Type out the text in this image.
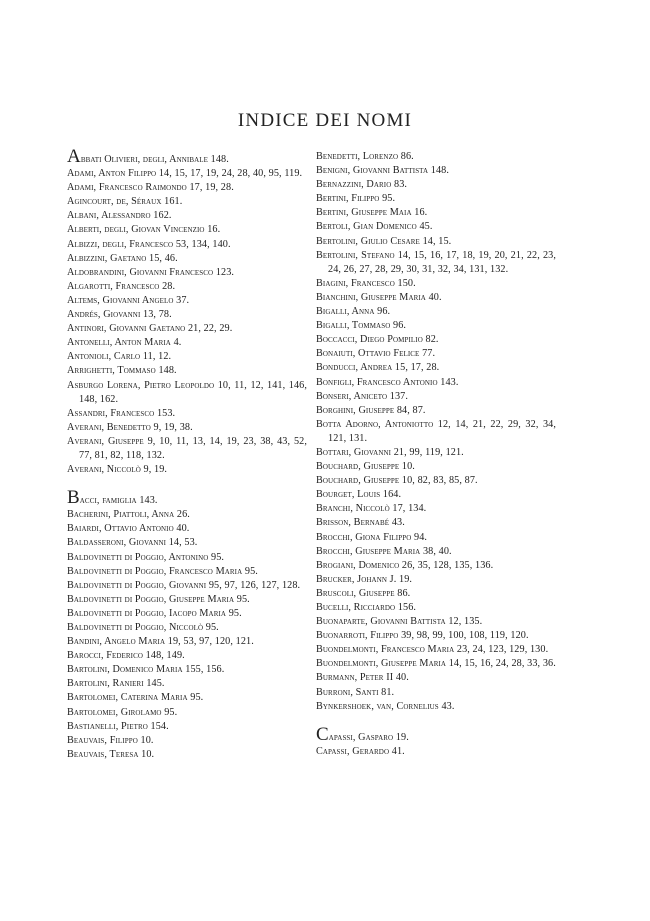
INDICE DEI NOMI
Abbati Olivieri, degli, Annibale 148.
Adami, Anton Filippo 14, 15, 17, 19, 24, 28, 40, 95, 119.
Adami, Francesco Raimondo 17, 19, 28.
Agincourt, de, Séraux 161.
Albani, Alessandro 162.
Alberti, degli, Giovan Vincenzio 16.
Albizzi, degli, Francesco 53, 134, 140.
Albizzini, Gaetano 15, 46.
Aldobrandini, Giovanni Francesco 123.
Algarotti, Francesco 28.
Altems, Giovanni Angelo 37.
Andrés, Giovanni 13, 78.
Antinori, Giovanni Gaetano 21, 22, 29.
Antonelli, Anton Maria 4.
Antonioli, Carlo 11, 12.
Arrighetti, Tommaso 148.
Asburgo Lorena, Pietro Leopoldo 10, 11, 12, 141, 146, 148, 162.
Assandri, Francesco 153.
Averani, Benedetto 9, 19, 38.
Averani, Giuseppe 9, 10, 11, 13, 14, 19, 23, 38, 43, 52, 77, 81, 82, 118, 132.
Averani, Niccolò 9, 19.
Bacci, famiglia 143.
Bacherini, Piattoli, Anna 26.
Baiardi, Ottavio Antonio 40.
Baldasseroni, Giovanni 14, 53.
Baldovinetti di Poggio, Antonino 95.
Baldovinetti di Poggio, Francesco Maria 95.
Baldovinetti di Poggio, Giovanni 95, 97, 126, 127, 128.
Baldovinetti di Poggio, Giuseppe Maria 95.
Baldovinetti di Poggio, Iacopo Maria 95.
Baldovinetti di Poggio, Niccolò 95.
Bandini, Angelo Maria 19, 53, 97, 120, 121.
Barocci, Federico 148, 149.
Bartolini, Domenico Maria 155, 156.
Bartolini, Ranieri 145.
Bartolomei, Caterina Maria 95.
Bartolomei, Girolamo 95.
Bastianelli, Pietro 154.
Beauvais, Filippo 10.
Beauvais, Teresa 10.
Benedetti, Lorenzo 86.
Benigni, Giovanni Battista 148.
Bernazzini, Dario 83.
Bertini, Filippo 95.
Bertini, Giuseppe Maia 16.
Bertoli, Gian Domenico 45.
Bertolini, Giulio Cesare 14, 15.
Bertolini, Stefano 14, 15, 16, 17, 18, 19, 20, 21, 22, 23, 24, 26, 27, 28, 29, 30, 31, 32, 34, 131, 132.
Biagini, Francesco 150.
Bianchini, Giuseppe Maria 40.
Bigalli, Anna 96.
Bigalli, Tommaso 96.
Boccacci, Diego Pompilio 82.
Bonaiuti, Ottavio Felice 77.
Bonducci, Andrea 15, 17, 28.
Bonfigli, Francesco Antonio 143.
Bonseri, Aniceto 137.
Borghini, Giuseppe 84, 87.
Botta Adorno, Antoniotto 12, 14, 21, 22, 29, 32, 34, 121, 131.
Bottari, Giovanni 21, 99, 119, 121.
Bouchard, Giuseppe 10.
Bouchard, Giuseppe 10, 82, 83, 85, 87.
Bourget, Louis 164.
Branchi, Niccolò 17, 134.
Brisson, Bernabé 43.
Brocchi, Giona Filippo 94.
Brocchi, Giuseppe Maria 38, 40.
Brogiani, Domenico 26, 35, 128, 135, 136.
Brucker, Johann J. 19.
Bruscoli, Giuseppe 86.
Bucelli, Ricciardo 156.
Buonaparte, Giovanni Battista 12, 135.
Buonarroti, Filippo 39, 98, 99, 100, 108, 119, 120.
Buondelmonti, Francesco Maria 23, 24, 123, 129, 130.
Buondelmonti, Giuseppe Maria 14, 15, 16, 24, 28, 33, 36.
Burmann, Peter II 40.
Burroni, Santi 81.
Bynkershoek, van, Cornelius 43.
Capassi, Gasparo 19.
Capassi, Gerardo 41.
